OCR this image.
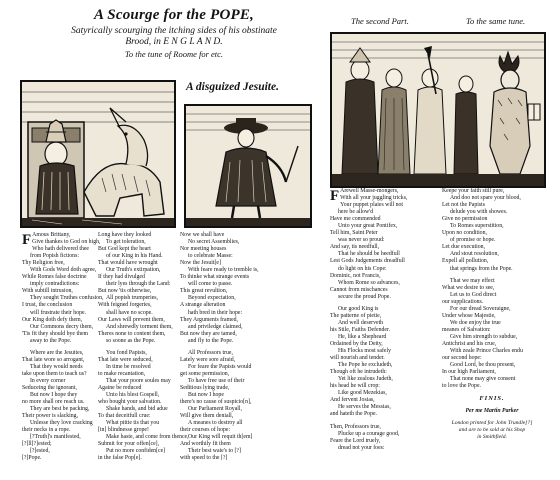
A Scourge for the POPE,
Satyrically scourging the itching sides of his obstinate
Brood, in E N G L A N D.
To the tune of Roome for etc.
The second Part.	To the same tune.
A disguized Jesuite.
F Amous Brittany,
Give thankes to God on high,
Who hath delivered thee
from Popish fictions:
Thy Religion free,
With Gods Word doth agree,
While Romes false doctrine
imply contradictions:
With subtill intrusion,
They sought Truthes confusion,
I trust, the conclusion
will frustrate their hope.
Our King doth defy them,
Our Commons decry them,
'Tis fit they should bye them
away to the Pope.
Where are the Jesuites,
That late wore so arrogant,
That they would needs
take upon them to teach us?
In every corner
Seduceing the ignorant,
But now I hope they
no more shall ore reach us.
They are best be packing,
Their power is slacking,
Unlesse they love cracking
their necks in a rope.
[?Truth]'s manifested,
[?]ll[?]ested;
[?]ested,
[?]Pope.
Long have they looked
To get toleration,
But God kept the heart
of our King in his Hand.
That would have wrought
Our Truth's extirpation,
If they had divulged
their lyes through the Land:
But now 'tis otherwise,
All popish trumperies,
With feigned forgeries,
shall have no scope.
Our Laws will prevent them,
And shrewdly torment them,
Theres none to content them,
so soone as the Pope.
You fond Papists,
That late were seduced,
In time be resolved
to make recantation,
That your poore soules may
Againe be reduced
Unto his blest Gospell,
who bought your salvation.
Shake hands, and bid adue
To that deceitfull crue:
What pittie tis that you
[in] blindnesse grope!
Make haste, and come from thence,
Submit for your offen[ce],
Put no more confiden[ce]
in the false Pop[e].
Now we shall have
No secret Assemblies,
Nor meeting houses
to celebrate Masse:
Now the Jesuit[e]
With feare ready to tremble is,
To thinke what strange events
will come to passe.
This great revultion,
Beyond expectation,
A strange alteration
hath bred in their hope:
They Arguments framed,
and priviledge claimed,
But now they are tamed,
and fly to the Pope.
All Professors true,
Lately were sore afraid,
For feare the Papists would
get some permission,
To have free use of their
Seditious lying trade,
But now I hope
there's no cause of suspicio[n],
Our Parliament Royall,
Will give them deniall,
A meanes to destroy all
their courses of hope:
Our King will requit th[em]
And worthily fit them
Their best waie's to [?]
with speed to the [?]
F Arewell Masse-mongers,
With all your juggling tricks,
Your puppet plaies will not
here be allow'd
Have me commended
Unto your great Pontifex,
Tell him, Saint Peter
was never so proud:
And say, tis needfull,
That he should be heedfull
Lest Gods Judgements dreadfull
do light on his Cope:
Dominic, not Francis,
Whom Rome so advances,
Cannot from mischances
secure the proud Pope.
Our good King is
The patterne of pietie,
And well deserveth
his Stile, Faiths Defender.
He, like a Shepheard
Ordained by the Deity,
His Flocks most safely
will nourish and tender.
The Pope he excludeth,
Though oft he intrudeth:
Yet like zealous Judeth,
his head he will crop:
Like good Mezekias,
And fervent Josias,
He serves the Messias,
and hateth the Pope.
Then, Professors true,
Plucke up a courage good,
Feare the Lord truely,
dread not your foes:
Keepe your faith still pure,
And doo not spare your blood,
Let not the Papists
delude you with showes.
Give no permission
To Romes superstition,
Upon no condition,
of promise or hope.
Let due execution,
And stout resolution,
Expell all pollution,
that springs from the Pope.
That we may effect
What we desire to see,
Let us to God direct
our supplications.
For our dread Soveraigne,
Under whose Majestie,
We doe enjoy the true
meanes of Salvation:
Give him strength to subdue,
Antichrist and his crue,
With zeale Prince Charles endu
our second hope:
Good Lord, be thou present,
In our high Parliament,
That none may give consent
to love the Pope.
FINIS.
Per me Martin Parker
London printed for John Trundle[?]
and are to be sold at his Shop
in Smithfield.
